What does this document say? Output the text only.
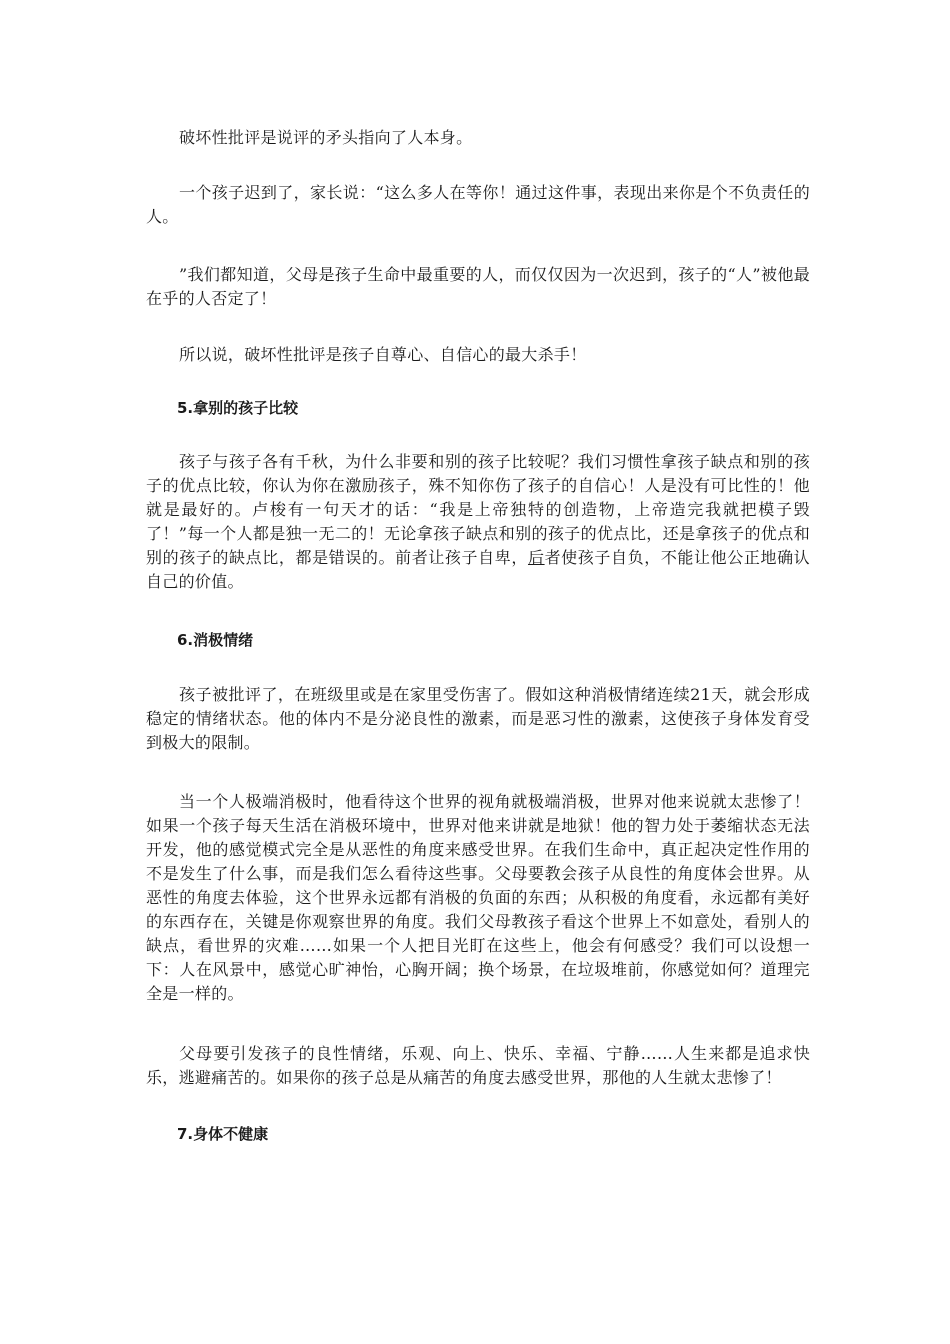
破坏性批评是说评的矛头指向了人本身。

一个孩子迟到了，家长说：“这么多人在等你！通过这件事，表现出来你是个不负责任的人。

”我们都知道，父母是孩子生命中最重要的人，而仅仅因为一次迟到，孩子的“人”被他最在乎的人否定了！

所以说，破坏性批评是孩子自尊心、自信心的最大杀手！

5.拿别的孩子比较

孩子与孩子各有千秋，为什么非要和别的孩子比较呢？我们习惯性拿孩子缺点和别的孩子的优点比较，你认为你在激励孩子，殊不知你伤了孩子的自信心！人是没有可比性的！他就是最好的。卢梭有一句天才的话：“我是上帝独特的创造物，上帝造完我就把模子毁了！”每一个人都是独一无二的！无论拿孩子缺点和别的孩子的优点比，还是拿孩子的优点和别的孩子的缺点比，都是错误的。前者让孩子自卑，后者使孩子自负，不能让他公正地确认自己的价值。

6.消极情绪

孩子被批评了，在班级里或是在家里受伤害了。假如这种消极情绪连续21天，就会形成稳定的情绪状态。他的体内不是分泌良性的激素，而是恶习性的激素，这使孩子身体发育受到极大的限制。

当一个人极端消极时，他看待这个世界的视角就极端消极，世界对他来说就太悲惨了！如果一个孩子每天生活在消极环境中，世界对他来讲就是地狱！他的智力处于萎缩状态无法开发，他的感觉模式完全是从恶性的角度来感受世界。在我们生命中，真正起决定性作用的不是发生了什么事，而是我们怎么看待这些事。父母要教会孩子从良性的角度体会世界。从恶性的角度去体验，这个世界永远都有消极的负面的东西；从积极的角度看，永远都有美好的东西存在，关键是你观察世界的角度。我们父母教孩子看这个世界上不如意处，看别人的缺点，看世界的灾难……如果一个人把目光盯在这些上，他会有何感受？我们可以设想一下：人在风景中，感觉心旷神怡，心胸开阔；换个场景，在垃圾堆前，你感觉如何？道理完全是一样的。

父母要引发孩子的良性情绪，乐观、向上、快乐、幸福、宁静……人生来都是追求快乐，逃避痛苦的。如果你的孩子总是从痛苦的角度去感受世界，那他的人生就太悲惨了！

7.身体不健康
